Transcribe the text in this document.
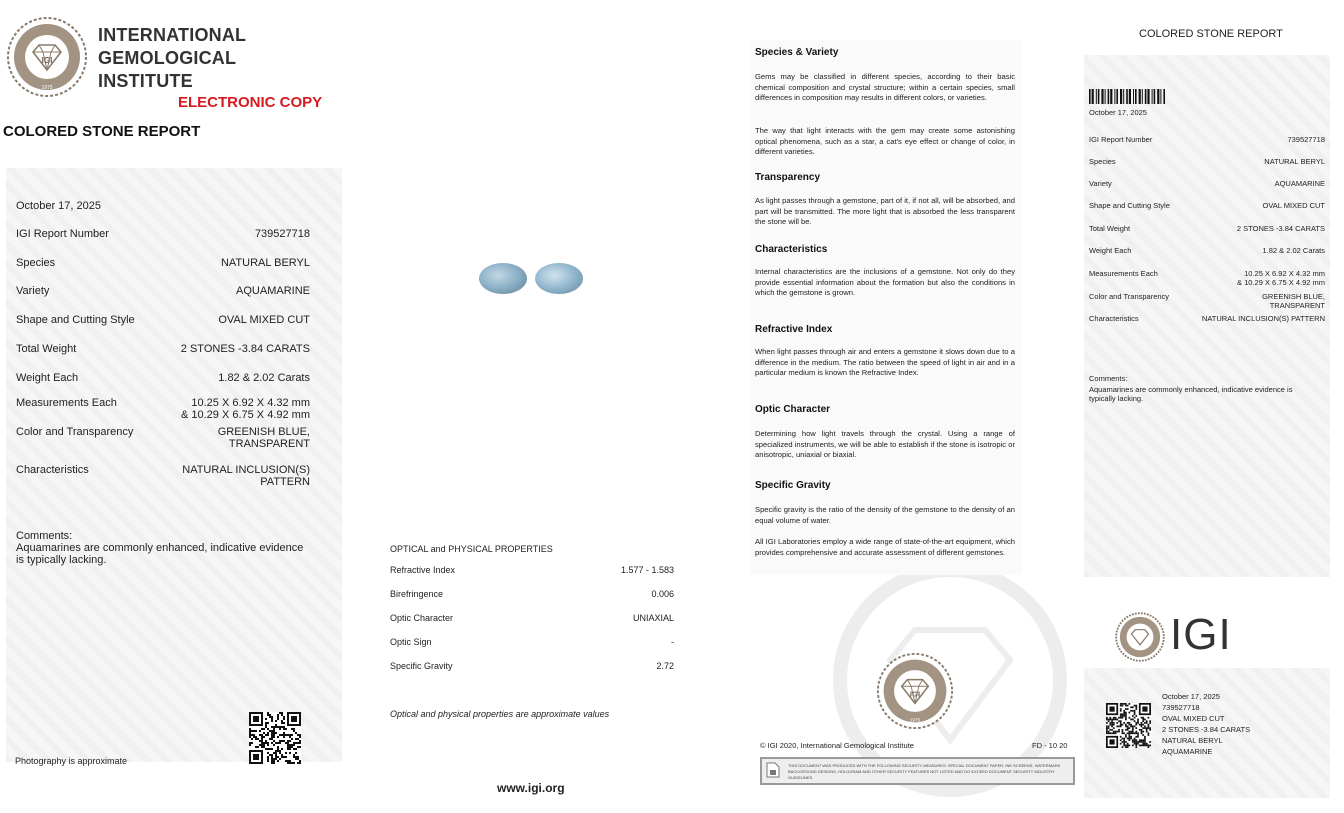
IGI
1975
INTERNATIONAL
GEMOLOGICAL
INSTITUTE
ELECTRONIC COPY
COLORED STONE REPORT
October 17, 2025
IGI Report Number	739527718
Species	NATURAL BERYL
Variety	AQUAMARINE
Shape and Cutting Style	OVAL MIXED CUT
Total Weight	2 STONES -3.84 CARATS
Weight Each	1.82 & 2.02 Carats
Measurements Each	10.25 X 6.92 X 4.32 mm
& 10.29 X 6.75 X 4.92 mm
Color and Transparency	GREENISH BLUE,
TRANSPARENT
Characteristics	NATURAL INCLUSION(S)
PATTERN
Comments:
Aquamarines are commonly enhanced, indicative evidence is typically lacking.
Photography is approximate
OPTICAL and PHYSICAL PROPERTIES
Refractive Index	1.577 - 1.583
Birefringence	0.006
Optic Character	UNIAXIAL
Optic Sign	-
Specific Gravity	2.72
Optical and physical properties are approximate values
www.igi.org
Species & Variety
Gems may be classified in different species, according to their basic chemical composition and crystal structure; within a certain species, small differences in composition may results in different colors, or varieties.
The way that light interacts with the gem may create some astonishing optical phenomena, such as a star, a cat's eye effect or change of color, in different varieties.
Transparency
As light passes through a gemstone, part of it, if not all, will be absorbed, and part will be transmitted. The more light that is absorbed the less transparent the stone will be.
Characteristics
Internal characteristics are the inclusions of a gemstone. Not only do they provide essential information about the formation but also the conditions in which the gemstone is grown.
Refractive Index
When light passes through air and enters a gemstone it slows down due to a difference in the medium. The ratio between the speed of light in air and in a particular medium is known the Refractive Index.
Optic Character
Determining how light travels through the crystal. Using a range of specialized instruments, we will be able to establish if the stone is isotropic or anisotropic, uniaxial or biaxial.
Specific Gravity
Specific gravity is the ratio of the density of the gemstone to the density of an equal volume of water.
All IGI Laboratories employ a wide range of state-of-the-art equipment, which provides comprehensive and accurate assessment of different gemstones.
IGI
1975
© IGI 2020, International Gemological Institute	FD - 10 20
THIS DOCUMENT WAS PRODUCED WITH THE FOLLOWING SECURITY MEASURES: SPECIAL DOCUMENT PAPER, INK SCREENS, WATERMARK BACKGROUND DESIGNS, HOLOGRAM AND OTHER SECURITY FEATURES NOT LISTED AND DO EXCEED DOCUMENT SECURITY INDUSTRY GUIDELINES.
COLORED STONE REPORT
October 17, 2025
IGI Report Number	739527718
Species	NATURAL BERYL
Variety	AQUAMARINE
Shape and Cutting Style	OVAL MIXED CUT
Total Weight	2 STONES -3.84 CARATS
Weight Each	1.82 & 2.02 Carats
Measurements Each	10.25 X 6.92 X 4.32 mm
& 10.29 X 6.75 X 4.92 mm
Color and Transparency	GREENISH BLUE,
TRANSPARENT
Characteristics	NATURAL INCLUSION(S) PATTERN
Comments:
Aquamarines are commonly enhanced, indicative evidence is typically lacking.
IGI
October 17, 2025
739527718
OVAL MIXED CUT
2 STONES -3.84 CARATS
NATURAL BERYL
AQUAMARINE
